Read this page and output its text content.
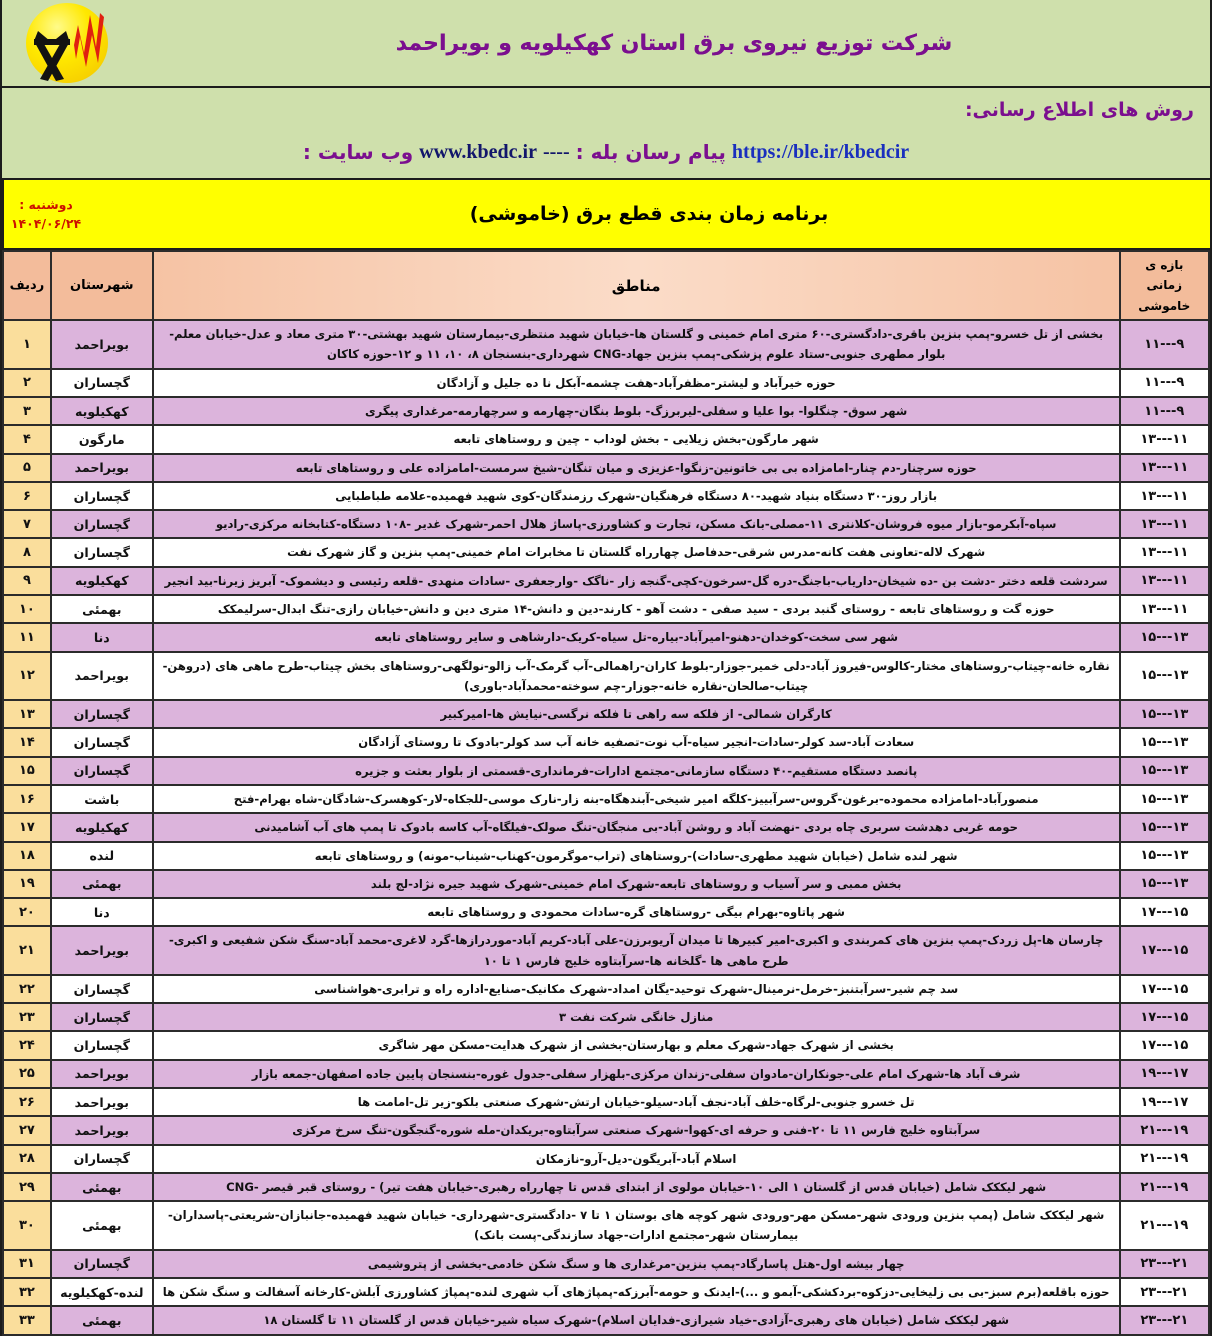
شرکت توزیع نیروی برق استان کهکیلویه و بویراحمد
روش های اطلاع رسانی:
https://ble.ir/kbedcir
پیام رسان بله :
----
www.kbedc.ir
وب سایت :
برنامه زمان بندی قطع برق (خاموشی)
دوشنبه :
۱۴۰۴/۰۶/۲۴
بازه ی زمانی
خاموشی	مناطق	شهرستان	ردیف
۹---۱۱	بخشی از تل خسرو-پمپ بنزین باقری-دادگستری-۶۰ متری امام خمینی و گلستان ها-خیابان شهید منتظری-بیمارستان شهید بهشتی-۳۰ متری معاد و عدل-خیابان معلم-بلوار مطهری جنوبی-ستاد علوم پزشکی-پمپ بنزین جهاد-CNG شهرداری-بنسنجان ۸، ۱۰، ۱۱ و ۱۲-حوزه کاکان	بویراحمد	۱
۹---۱۱	حوزه خیرآباد و لیشتر-مظفرآباد-هفت چشمه-آبکل نا ده جلیل و آزادگان	گچساران	۲
۹---۱۱	شهر سوق- چنگلوا- بوا علیا و سفلی-لیربرزگ- بلوط بنگان-چهارمه و سرچهارمه-مرغداری پیگری	کهکیلویه	۳
۱۱---۱۳	شهر مارگون-بخش زیلایی - بخش لوداب - چین و روستاهای تابعه	مارگون	۴
۱۱---۱۳	حوزه سرچنار-دم چنار-امامزاده بی بی خاتونین-زنگوا-عزیزی و میان تنگان-شیخ سرمست-امامزاده علی و روستاهای تابعه	بویراحمد	۵
۱۱---۱۳	بازار روز-۳۰ دستگاه بنیاد شهید-۸۰ دستگاه فرهنگیان-شهرک رزمندگان-کوی شهید فهمیده-علامه طباطبایی	گچساران	۶
۱۱---۱۳	سپاه-آبکرمو-بازار میوه فروشان-کلانتری ۱۱-مصلی-بانک مسکن، تجارت و کشاورزی-پاساژ هلال احمر-شهرک غدیر -۱۰۸ دستگاه-کتابخانه مرکزی-رادیو	گچساران	۷
۱۱---۱۳	شهرک لاله-تعاونی هفت کانه-مدرس شرقی-حدفاصل چهارراه گلستان تا مخابرات امام خمینی-پمپ بنزین و گاز شهرک نفت	گچساران	۸
۱۱---۱۳	سردشت قلعه دختر -دشت بن -ده شیخان-داریاب-باجنگ-دره گل-سرخون-کچی-گنجه زار -ناگک -وارجعفری -سادات منهدی -قلعه رئیسی و دیشموک- آبریز زیرنا-بید انجیر	کهکیلویه	۹
۱۱---۱۳	حوزه گت و روستاهای تابعه - روستای گنبد بردی - سید صفی - دشت آهو - کارند-دین و دانش-۱۴ متری دین و دانش-خیابان رازی-تنگ ابدال-سرلیمکک	بهمئی	۱۰
۱۳---۱۵	شهر سی سخت-کوخدان-دهنو-امیرآباد-بیاره-تل سیاه-کریک-دارشاهی و سایر روستاهای تابعه	دنا	۱۱
۱۳---۱۵	نقاره خانه-چیتاب-روستاهای مختار-کالوس-فیروز آباد-دلی خمیر-جوزار-بلوط کاران-راهمالی-آب گرمک-آب زالو-نولگهی-روستاهای بخش چیتاب-طرح ماهی های (دروهن-چیتاب-صالحان-نقاره خانه-جوزار-چم سوخته-محمدآباد-باوری)	بویراحمد	۱۲
۱۳---۱۵	کارگران شمالی- از فلکه سه راهی تا فلکه نرگسی-نیایش ها-امیرکبیر	گچساران	۱۳
۱۳---۱۵	سعادت آباد-سد کولر-سادات-انجیر سیاه-آب نوت-تصفیه خانه آب سد کولر-بادوک تا روستای آزادگان	گچساران	۱۴
۱۳---۱۵	پانصد دستگاه مستقیم-۴۰ دستگاه سازمانی-مجتمع ادارات-فرمانداری-قسمتی از بلوار بعثت و جزیره	گچساران	۱۵
۱۳---۱۵	منصورآباد-امامزاده محموده-برغون-گروس-سرآبییز-کلگه امیر شیخی-آبندهگاه-بنه زار-نارک موسی-للجکاه-لار-کوهسرک-شادگان-شاه بهرام-فتح	باشت	۱۶
۱۳---۱۵	حومه غربی دهدشت سربری چاه بردی -نهضت آباد و روشن آباد-بی منجگان-تنگ صولک-فیلگاه-آب کاسه بادوک تا پمپ های آب آشامیدنی	کهکیلویه	۱۷
۱۳---۱۵	شهر لنده شامل (خیابان شهید مطهری-سادات)-روستاهای (تراب-موگرمون-کهناب-شیناب-مونه) و روستاهای تابعه	لنده	۱۸
۱۳---۱۵	بخش ممبی و سر آسیاب و روستاهای تابعه-شهرک امام خمینی-شهرک شهید جیره نژاد-لج بلند	بهمئی	۱۹
۱۵---۱۷	شهر پاتاوه-بهرام بیگی -روستاهای گره-سادات محمودی و روستاهای تابعه	دنا	۲۰
۱۵---۱۷	چارسان ها-پل زردک-پمپ بنزین های کمربندی و اکبری-امیر کبیرها تا میدان آریوبرزن-علی آباد-کریم آباد-موردرازها-گرد لاغری-محمد آباد-سنگ شکن شفیعی و اکبری-طرح ماهی ها -گلخانه ها-سرآبتاوه خلیج فارس ۱ تا ۱۰	بویراحمد	۲۱
۱۵---۱۷	سد چم شیر-سرآبتنبز-خرمل-نرمینال-شهرک توحید-یگان امداد-شهرک مکانیک-صنایع-اداره راه و ترابری-هواشناسی	گچساران	۲۲
۱۵---۱۷	منازل خانگی شرکت نفت ۳	گچساران	۲۳
۱۵---۱۷	بخشی از شهرک جهاد-شهرک معلم و بهارستان-بخشی از شهرک هدایت-مسکن مهر شاگری	گچساران	۲۴
۱۷---۱۹	شرف آباد ها-شهرک امام علی-جونکاران-مادوان سفلی-زندان مرکزی-بلهزار سفلی-جدول غوره-بنسنجان پایین جاده اصفهان-جمعه بازار	بویراحمد	۲۵
۱۷---۱۹	تل خسرو جنوبی-لرگاه-خلف آباد-نجف آباد-سیلو-خیابان ارتش-شهرک صنعتی بلکو-زیر تل-امامت ها	بویراحمد	۲۶
۱۹---۲۱	سرآبتاوه خلیج فارس ۱۱ تا ۲۰-فنی و حرفه ای-کهوا-شهرک صنعتی سرآبتاوه-بریکدان-مله شوره-گنجگون-تنگ سرخ مرکزی	بویراحمد	۲۷
۱۹---۲۱	اسلام آباد-آبریگون-دیل-آرو-نازمکان	گچساران	۲۸
۱۹---۲۱	شهر لیککک شامل (خیابان قدس از گلستان ۱ الی ۱۰-خیابان مولوی از ابتدای قدس تا چهارراه رهبری-خیابان هفت تیر) - روستای قبر قیصر -CNG	بهمئی	۲۹
۱۹---۲۱	شهر لیککک شامل (پمپ بنزین ورودی شهر-مسکن مهر-ورودی شهر کوچه های بوستان ۱ تا ۷ -دادگستری-شهرداری- خیابان شهید فهمیده-جانبازان-شریعتی-پاسداران-بیمارستان شهر-مجتمع ادارات-جهاد سازندگی-پست بانک)	بهمئی	۳۰
۲۱---۲۳	چهار بیشه اول-هتل پاسارگاد-پمپ بنزین-مرغداری ها و سنگ شکن خادمی-بخشی از پتروشیمی	گچساران	۳۱
۲۱---۲۳	حوزه باقلعه(برم سبز-بی بی زلیخایی-دزکوه-بردکشکی-آبمو و ...)-ایدنک و حومه-آبرزکه-پمپاژهای آب شهری لنده-پمپاژ کشاورزی آبلش-کارخانه آسفالت و سنگ شکن ها	لنده-کهکیلویه	۳۲
۲۱---۲۳	شهر لیککک شامل (خیابان های رهبری-آزادی-خیاد شیرازی-فدایان اسلام)-شهرک سیاه شیر-خیابان قدس از گلستان ۱۱ تا گلستان ۱۸	بهمئی	۳۳
